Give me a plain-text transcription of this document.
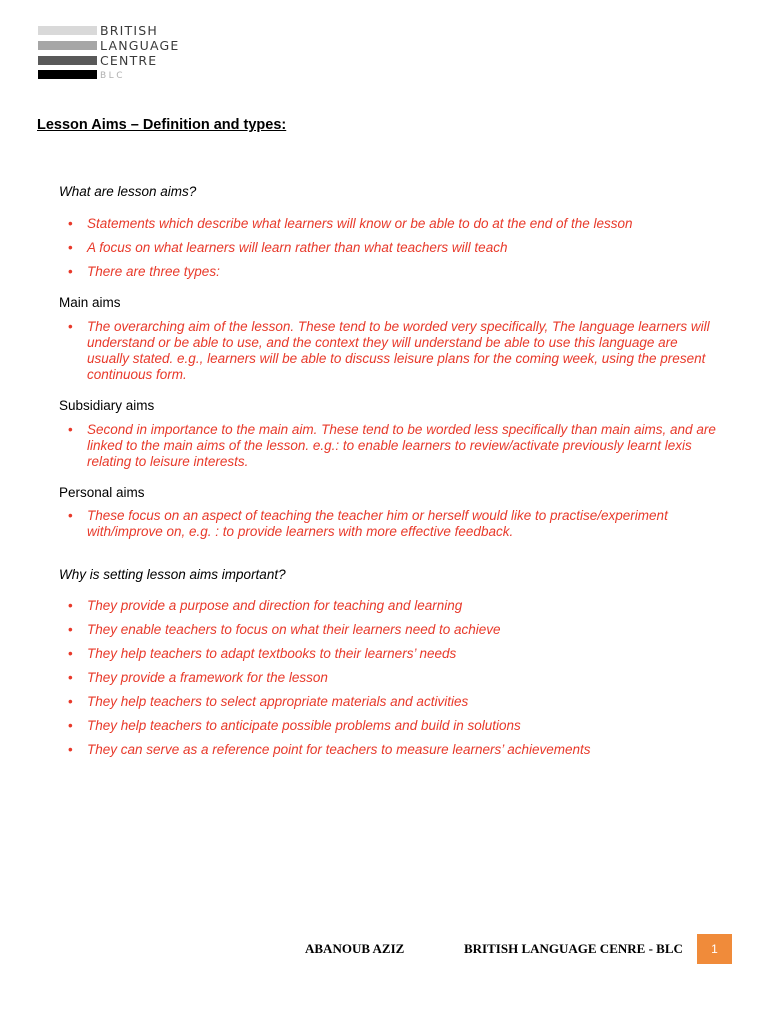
BRITISH
LANGUAGE
CENTRE
BLC
Lesson Aims – Definition and types:
What are lesson aims?
• Statements which describe what learners will know or be able to do at the end of the lesson
• A focus on what learners will learn rather than what teachers will teach
• There are three types:
Main aims
• The overarching aim of the lesson. These tend to be worded very specifically, The language learners will understand or be able to use, and the context they will understand be able to use this language are usually stated. e.g., learners will be able to discuss leisure plans for the coming week, using the present continuous form.
Subsidiary aims
• Second in importance to the main aim. These tend to be worded less specifically than main aims, and are linked to the main aims of the lesson. e.g.: to enable learners to review/activate previously learnt lexis relating to leisure interests.
Personal aims
• These focus on an aspect of teaching the teacher him or herself would like to practise/experiment with/improve on, e.g. : to provide learners with more effective feedback.
Why is setting lesson aims important?
• They provide a purpose and direction for teaching and learning
• They enable teachers to focus on what their learners need to achieve
• They help teachers to adapt textbooks to their learners’ needs
• They provide a framework for the lesson
• They help teachers to select appropriate materials and activities
• They help teachers to anticipate possible problems and build in solutions
• They can serve as a reference point for teachers to measure learners’ achievements
ABANOUB AZIZ	BRITISH LANGUAGE CENRE - BLC 1
